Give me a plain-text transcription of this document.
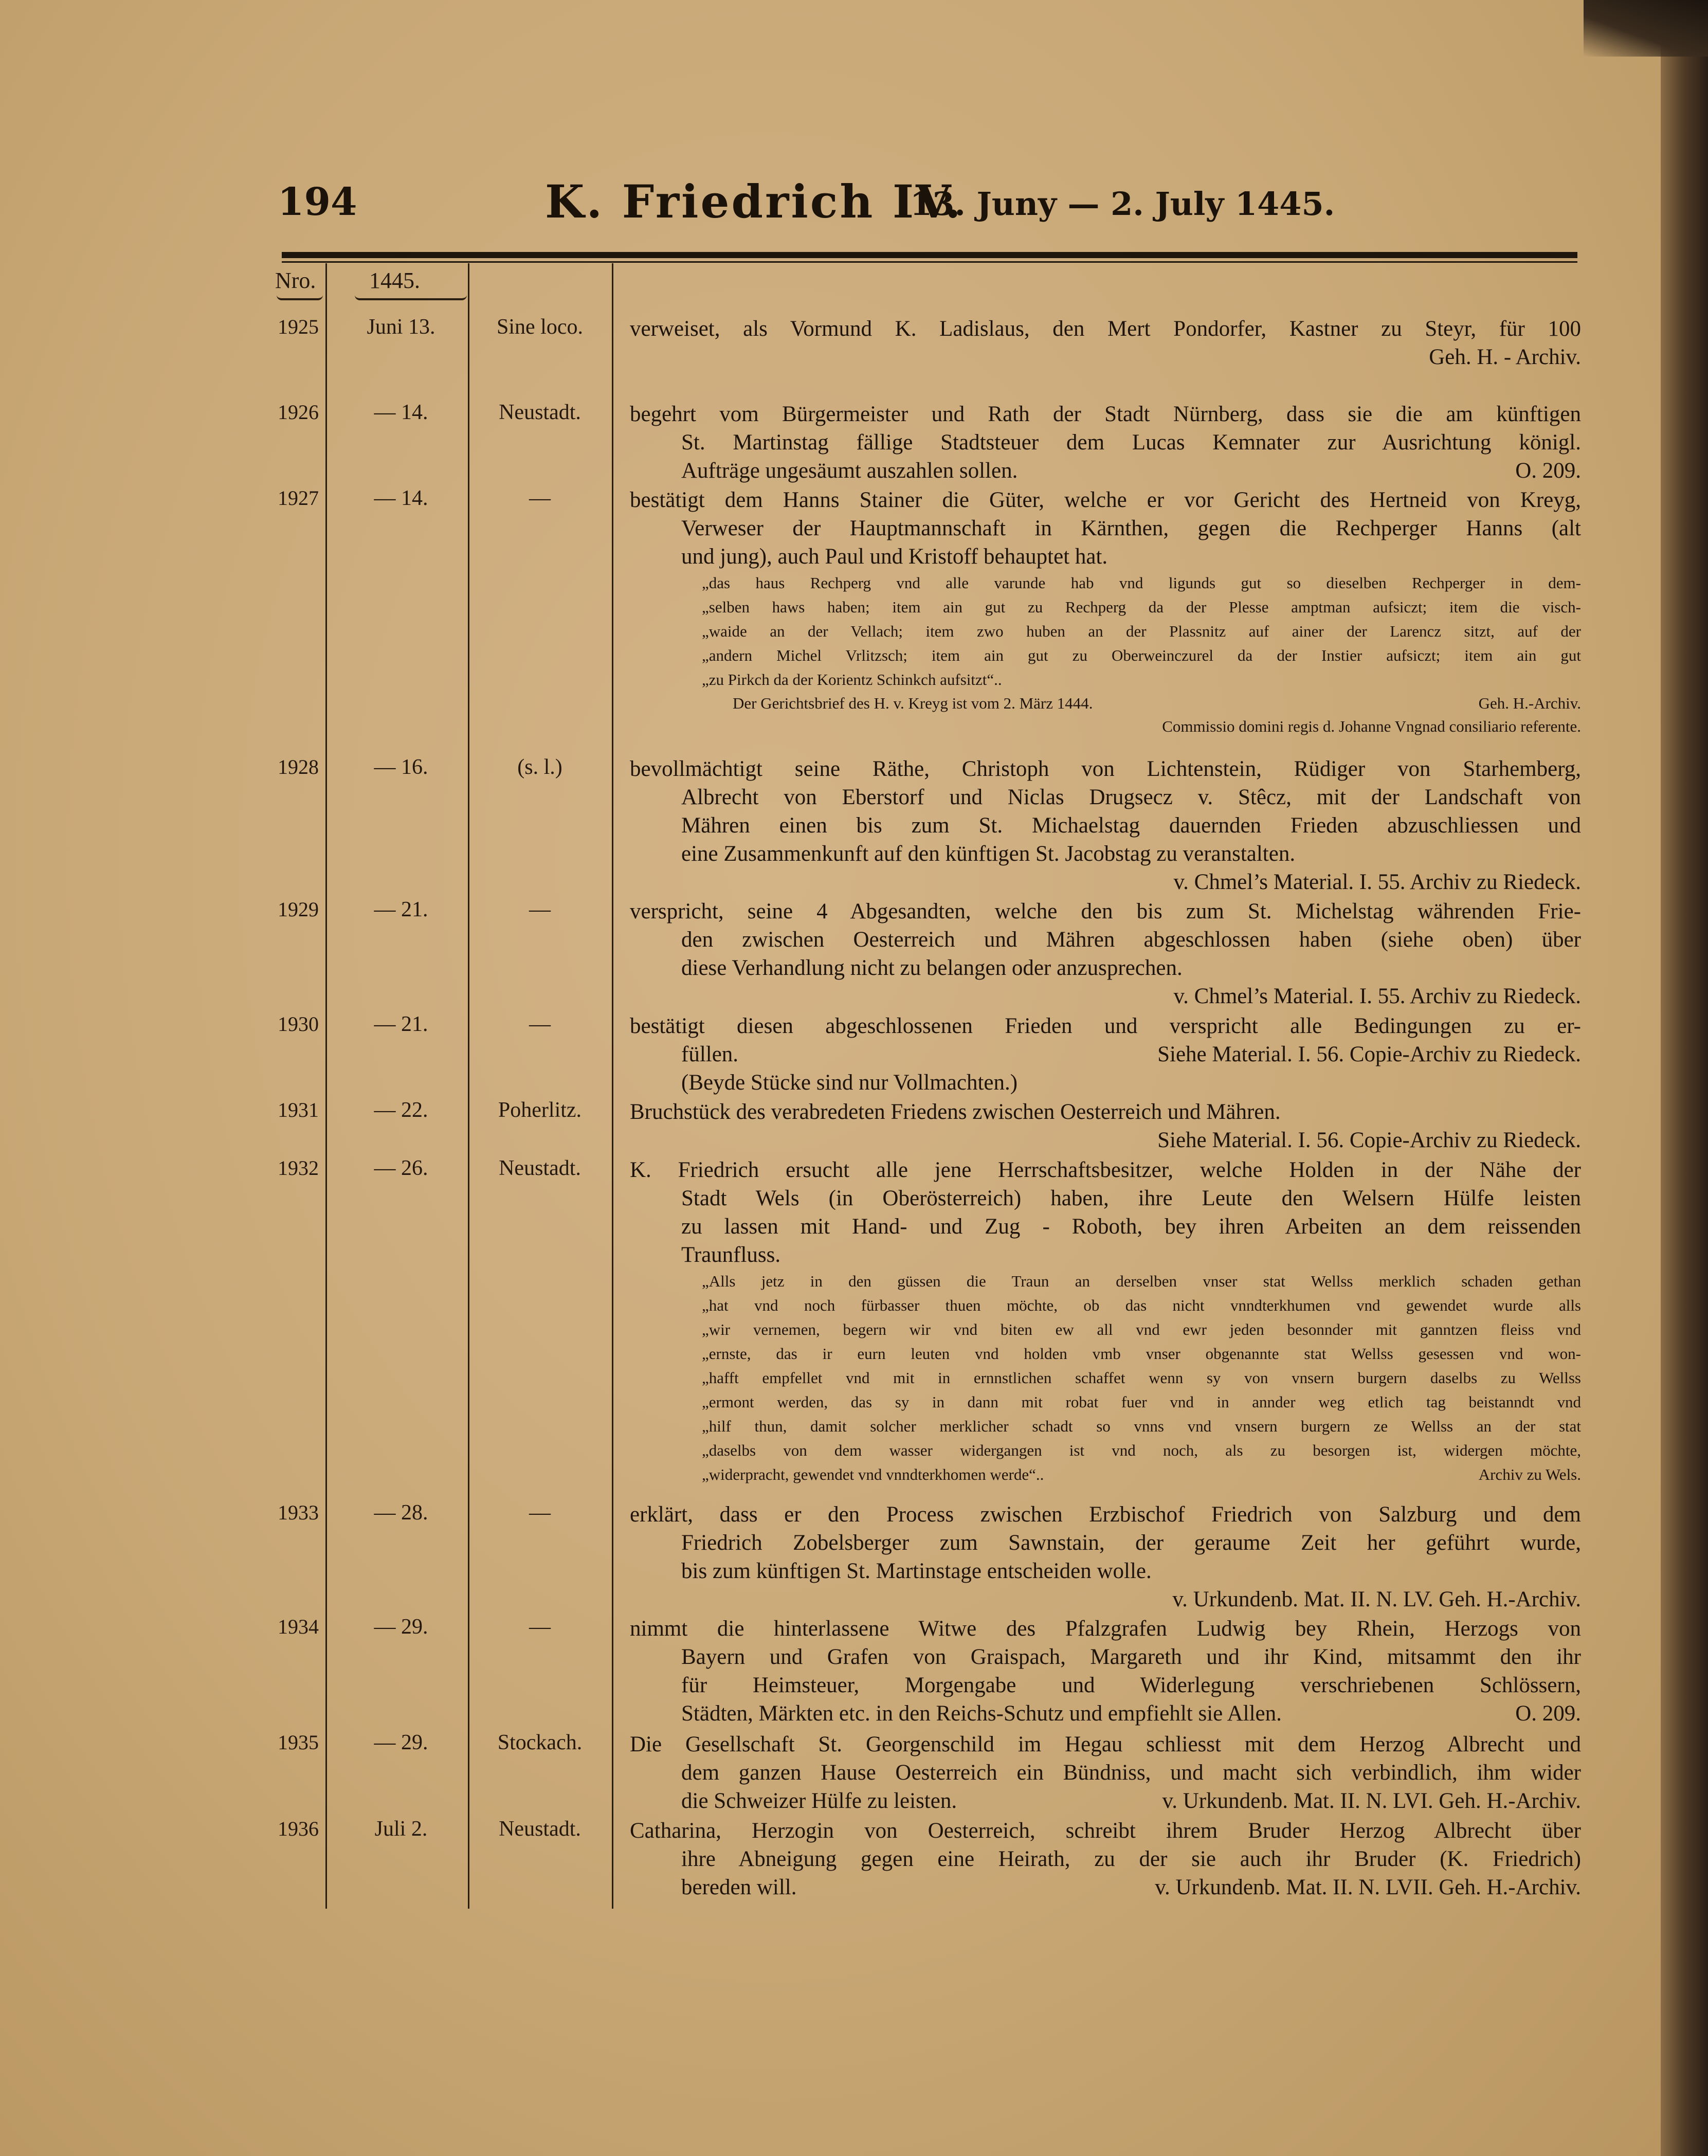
194	K. Friedrich IV.
13. Juny — 2. July 1445.
Nro. 1445.
1925	Juni 13.	Sine loco.	verweiset, als Vormund K. Ladislaus, den Mert Pondorfer, Kastner zu Steyr, für 100
Geh. H. - Archiv.
1926	— 14.	Neustadt.	begehrt vom Bürgermeister und Rath der Stadt Nürnberg, dass sie die am künftigen
St. Martinstag fällige Stadtsteuer dem Lucas Kemnater zur Ausrichtung königl.
Aufträge ungesäumt auszahlen sollen.	O. 209.
1927	— 14.	—	bestätigt dem Hanns Stainer die Güter, welche er vor Gericht des Hertneid von Kreyg,
Verweser der Hauptmannschaft in Kärnthen, gegen die Rechperger Hanns (alt
und jung), auch Paul und Kristoff behauptet hat.
„das haus Rechperg vnd alle varunde hab vnd ligunds gut so dieselben Rechperger in dem-
„selben haws haben; item ain gut zu Rechperg da der Plesse amptman aufsiczt; item die visch-
„waide an der Vellach; item zwo huben an der Plassnitz auf ainer der Larencz sitzt, auf der
„andern Michel Vrlitzsch; item ain gut zu Oberweinczurel da der Instier aufsiczt; item ain gut
„zu Pirkch da der Korientz Schinkch aufsitzt“..
Der Gerichtsbrief des H. v. Kreyg ist vom 2. März 1444.	Geh. H.-Archiv.
Commissio domini regis d. Johanne Vngnad consiliario referente.
1928	— 16.	(s. l.)	bevollmächtigt seine Räthe, Christoph von Lichtenstein, Rüdiger von Starhemberg,
Albrecht von Eberstorf und Niclas Drugsecz v. Stêcz, mit der Landschaft von
Mähren einen bis zum St. Michaelstag dauernden Frieden abzuschliessen und
eine Zusammenkunft auf den künftigen St. Jacobstag zu veranstalten.
v. Chmel’s Material. I. 55. Archiv zu Riedeck.
1929	— 21.	—	verspricht, seine 4 Abgesandten, welche den bis zum St. Michelstag währenden Frie-
den zwischen Oesterreich und Mähren abgeschlossen haben (siehe oben) über
diese Verhandlung nicht zu belangen oder anzusprechen.
v. Chmel’s Material. I. 55. Archiv zu Riedeck.
1930	— 21.	—	bestätigt diesen abgeschlossenen Frieden und verspricht alle Bedingungen zu er-
füllen.	Siehe Material. I. 56. Copie-Archiv zu Riedeck.
(Beyde Stücke sind nur Vollmachten.)
1931	— 22.	Poherlitz.	Bruchstück des verabredeten Friedens zwischen Oesterreich und Mähren.
Siehe Material. I. 56. Copie-Archiv zu Riedeck.
1932	— 26.	Neustadt.	K. Friedrich ersucht alle jene Herrschaftsbesitzer, welche Holden in der Nähe der
Stadt Wels (in Oberösterreich) haben, ihre Leute den Welsern Hülfe leisten
zu lassen mit Hand- und Zug - Roboth, bey ihren Arbeiten an dem reissenden
Traunfluss.
„Alls jetz in den güssen die Traun an derselben vnser stat Wellss merklich schaden gethan
„hat vnd noch fürbasser thuen möchte, ob das nicht vnndterkhumen vnd gewendet wurde alls
„wir vernemen, begern wir vnd biten ew all vnd ewr jeden besonnder mit ganntzen fleiss vnd
„ernste, das ir eurn leuten vnd holden vmb vnser obgenannte stat Wellss gesessen vnd won-
„hafft empfellet vnd mit in ernnstlichen schaffet wenn sy von vnsern burgern daselbs zu Wellss
„ermont werden, das sy in dann mit robat fuer vnd in annder weg etlich tag beistanndt vnd
„hilf thun, damit solcher merklicher schadt so vnns vnd vnsern burgern ze Wellss an der stat
„daselbs von dem wasser widergangen ist vnd noch, als zu besorgen ist, widergen möchte,
„widerpracht, gewendet vnd vnndterkhomen werde“..	Archiv zu Wels.
1933	— 28.	—	erklärt, dass er den Process zwischen Erzbischof Friedrich von Salzburg und dem
Friedrich Zobelsberger zum Sawnstain, der geraume Zeit her geführt wurde,
bis zum künftigen St. Martinstage entscheiden wolle.
v. Urkundenb. Mat. II. N. LV. Geh. H.-Archiv.
1934	— 29.	—	nimmt die hinterlassene Witwe des Pfalzgrafen Ludwig bey Rhein, Herzogs von
Bayern und Grafen von Graispach, Margareth und ihr Kind, mitsammt den ihr
für Heimsteuer, Morgengabe und Widerlegung verschriebenen Schlössern,
Städten, Märkten etc. in den Reichs-Schutz und empfiehlt sie Allen.	O. 209.
1935	— 29.	Stockach.	Die Gesellschaft St. Georgenschild im Hegau schliesst mit dem Herzog Albrecht und
dem ganzen Hause Oesterreich ein Bündniss, und macht sich verbindlich, ihm wider
die Schweizer Hülfe zu leisten.	v. Urkundenb. Mat. II. N. LVI. Geh. H.-Archiv.
1936	Juli 2.	Neustadt.	Catharina, Herzogin von Oesterreich, schreibt ihrem Bruder Herzog Albrecht über
ihre Abneigung gegen eine Heirath, zu der sie auch ihr Bruder (K. Friedrich)
bereden will.	v. Urkundenb. Mat. II. N. LVII. Geh. H.-Archiv.
